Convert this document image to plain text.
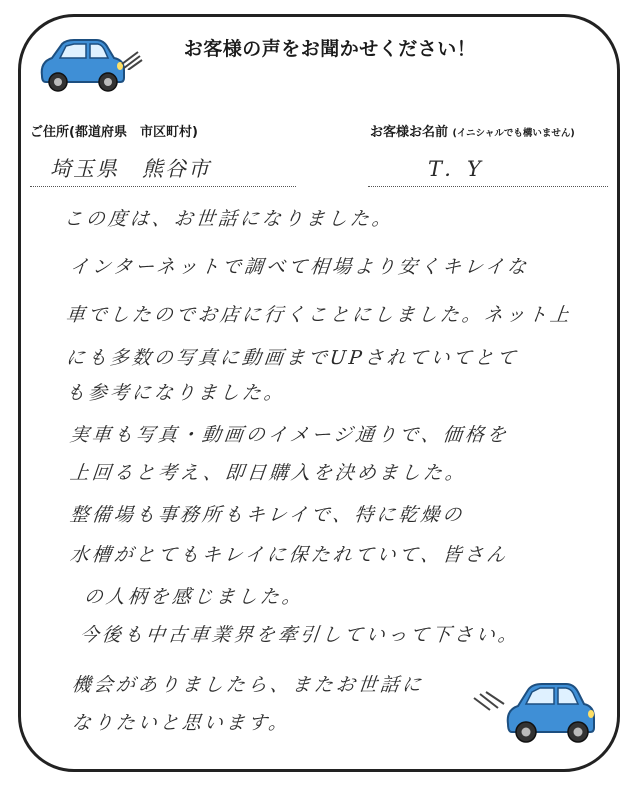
お客様の声をお聞かせください！
ご住所(都道府県　市区町村)	お客様お名前 (イニシャルでも構いません)
埼玉県　熊谷市	T．Y
この度は、お世話になりました。
インターネットで調べて相場より安くキレイな
車でしたのでお店に行くことにしました。ネット上
にも多数の写真に動画までUPされていてとて
も参考になりました。
実車も写真・動画のイメージ通りで、価格を
上回ると考え、即日購入を決めました。
整備場も事務所もキレイで、特に乾燥の
水槽がとてもキレイに保たれていて、皆さん
の人柄を感じました。
今後も中古車業界を牽引していって下さい。
機会がありましたら、またお世話に
なりたいと思います。
